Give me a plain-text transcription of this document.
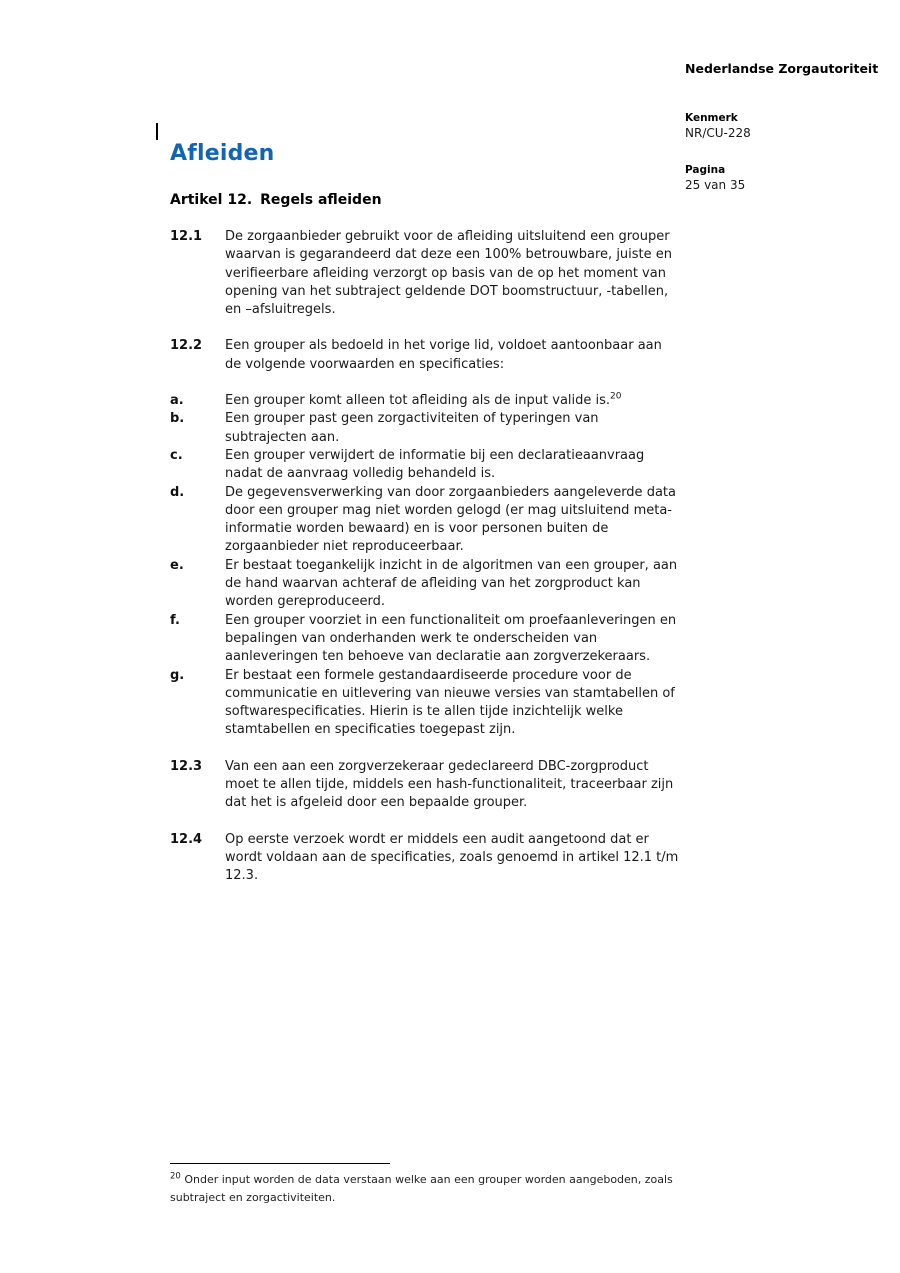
Nederlandse Zorgautoriteit
Kenmerk
NR/CU-228
Pagina
25 van 35
Afleiden
Artikel 12. Regels afleiden
12.1	De zorgaanbieder gebruikt voor de afleiding uitsluitend een grouper waarvan is gegarandeerd dat deze een 100% betrouwbare, juiste en verifieerbare afleiding verzorgt op basis van de op het moment van opening van het subtraject geldende DOT boomstructuur, -tabellen, en –afsluitregels.
12.2	Een grouper als bedoeld in het vorige lid, voldoet aantoonbaar aan de volgende voorwaarden en specificaties:
a.	Een grouper komt alleen tot afleiding als de input valide is.$^{20}$
b.	Een grouper past geen zorgactiviteiten of typeringen van subtrajecten aan.
c.	Een grouper verwijdert de informatie bij een declaratieaanvraag nadat de aanvraag volledig behandeld is.
d.	De gegevensverwerking van door zorgaanbieders aangeleverde data door een grouper mag niet worden gelogd (er mag uitsluitend meta-informatie worden bewaard) en is voor personen buiten de zorgaanbieder niet reproduceerbaar.
e.	Er bestaat toegankelijk inzicht in de algoritmen van een grouper, aan de hand waarvan achteraf de afleiding van het zorgproduct kan worden gereproduceerd.
f.	Een grouper voorziet in een functionaliteit om proefaanleveringen en bepalingen van onderhanden werk te onderscheiden van aanleveringen ten behoeve van declaratie aan zorgverzekeraars.
g.	Er bestaat een formele gestandaardiseerde procedure voor de communicatie en uitlevering van nieuwe versies van stamtabellen of softwarespecificaties. Hierin is te allen tijde inzichtelijk welke stamtabellen en specificaties toegepast zijn.
12.3	Van een aan een zorgverzekeraar gedeclareerd DBC-zorgproduct moet te allen tijde, middels een hash-functionaliteit, traceerbaar zijn dat het is afgeleid door een bepaalde grouper.
12.4	Op eerste verzoek wordt er middels een audit aangetoond dat er wordt voldaan aan de specificaties, zoals genoemd in artikel 12.1 t/m 12.3.
$^{20}$ Onder input worden de data verstaan welke aan een grouper worden aangeboden, zoals subtraject en zorgactiviteiten.
